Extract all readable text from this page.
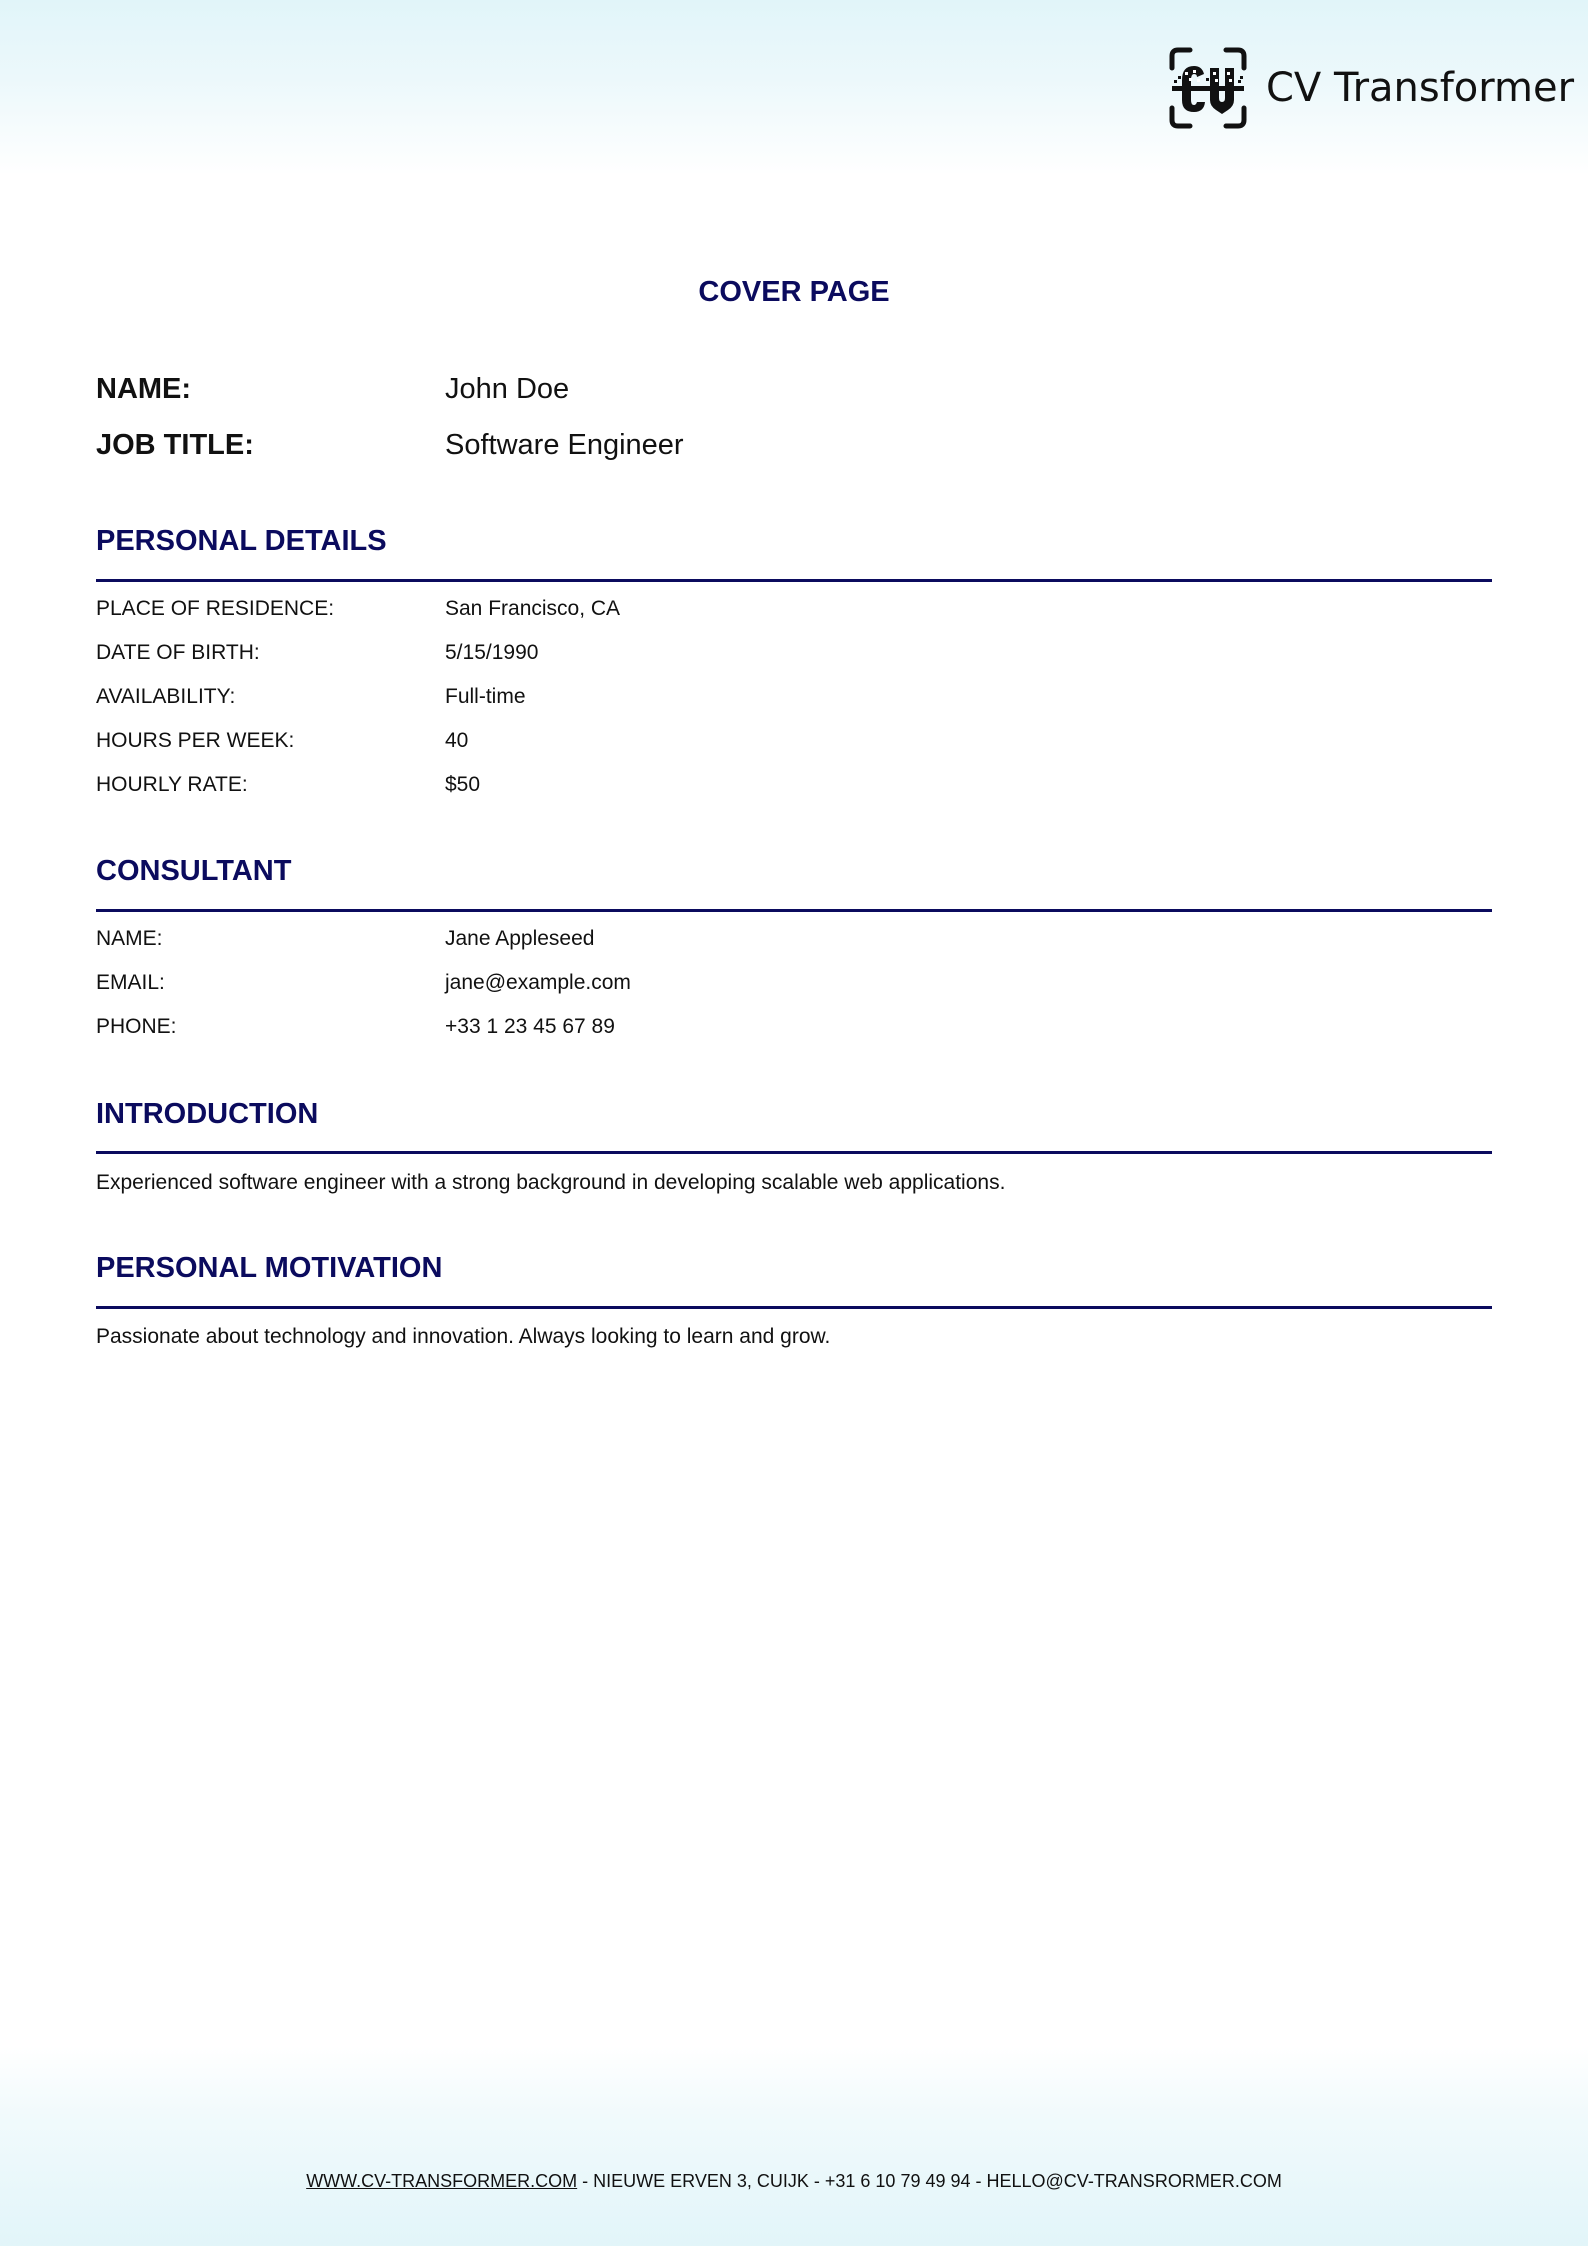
CV Transformer
COVER PAGE
NAME:	John Doe
JOB TITLE:	Software Engineer
PERSONAL DETAILS
PLACE OF RESIDENCE:	San Francisco, CA
DATE OF BIRTH:	5/15/1990
AVAILABILITY:	Full-time
HOURS PER WEEK:	40
HOURLY RATE:	$50
CONSULTANT
NAME:	Jane Appleseed
EMAIL:	jane@example.com
PHONE:	+33 1 23 45 67 89
INTRODUCTION
Experienced software engineer with a strong background in developing scalable web applications.
PERSONAL MOTIVATION
Passionate about technology and innovation. Always looking to learn and grow.
WWW.CV-TRANSFORMER.COM - NIEUWE ERVEN 3, CUIJK - +31 6 10 79 49 94 - HELLO@CV-TRANSRORMER.COM
